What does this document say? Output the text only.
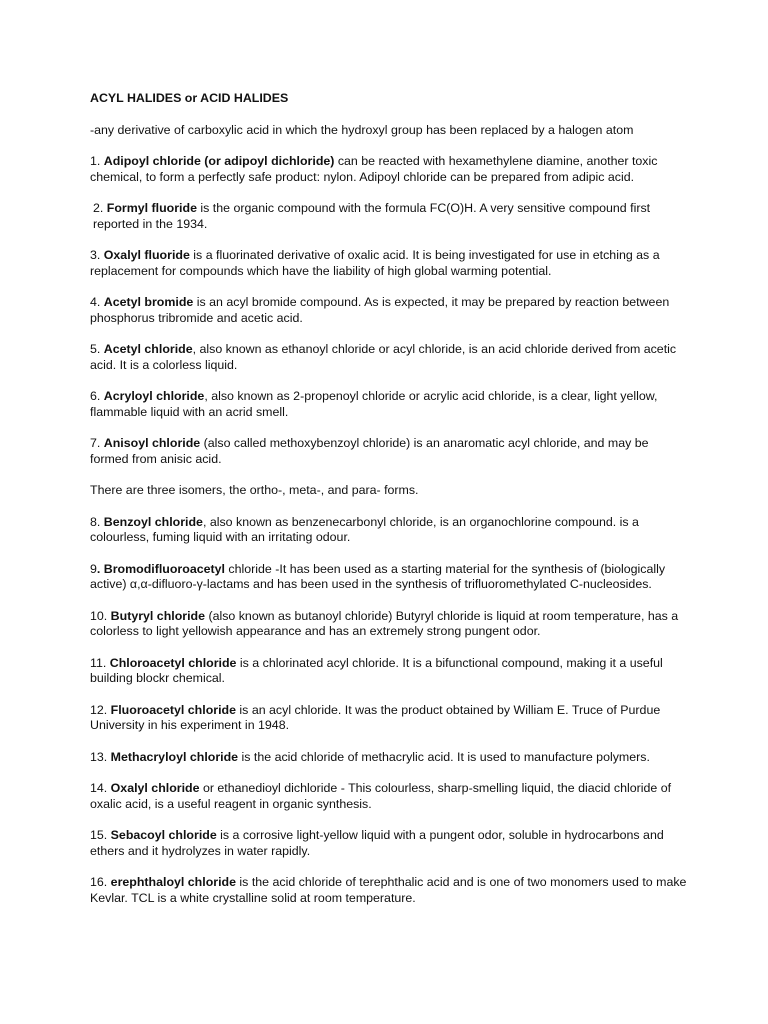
ACYL HALIDES or ACID HALIDES
-any derivative of carboxylic acid in which the hydroxyl group has been replaced by a halogen atom
1. Adipoyl chloride (or adipoyl dichloride) can be reacted with hexamethylene diamine, another toxic chemical, to form a perfectly safe product: nylon. Adipoyl chloride can be prepared from adipic acid.
2. Formyl fluoride is the organic compound with the formula FC(O)H. A very sensitive compound first reported in the 1934.
3. Oxalyl fluoride is a fluorinated derivative of oxalic acid. It is being investigated for use in etching as a replacement for compounds which have the liability of high global warming potential.
4. Acetyl bromide is an acyl bromide compound. As is expected, it may be prepared by reaction between phosphorus tribromide and acetic acid.
5. Acetyl chloride, also known as ethanoyl chloride or acyl chloride, is an acid chloride derived from acetic acid. It is a colorless liquid.
6. Acryloyl chloride, also known as 2-propenoyl chloride or acrylic acid chloride, is a clear, light yellow, flammable liquid with an acrid smell.
7. Anisoyl chloride (also called methoxybenzoyl chloride) is an anaromatic acyl chloride, and may be formed from anisic acid.
There are three isomers, the ortho-, meta-, and para- forms.
8. Benzoyl chloride, also known as benzenecarbonyl chloride, is an organochlorine compound. is a colourless, fuming liquid with an irritating odour.
9. Bromodifluoroacetyl chloride -It has been used as a starting material for the synthesis of (biologically active) α,α-difluoro-γ-lactams and has been used in the synthesis of trifluoromethylated C-nucleosides.
10. Butyryl chloride (also known as butanoyl chloride) Butyryl chloride is liquid at room temperature, has a colorless to light yellowish appearance and has an extremely strong pungent odor.
11. Chloroacetyl chloride is a chlorinated acyl chloride. It is a bifunctional compound, making it a useful building blockr chemical.
12. Fluoroacetyl chloride is an acyl chloride. It was the product obtained by William E. Truce of Purdue University in his experiment in 1948.
13. Methacryloyl chloride is the acid chloride of methacrylic acid. It is used to manufacture polymers.
14. Oxalyl chloride or ethanedioyl dichloride - This colourless, sharp-smelling liquid, the diacid chloride of oxalic acid, is a useful reagent in organic synthesis.
15. Sebacoyl chloride is a corrosive light-yellow liquid with a pungent odor, soluble in hydrocarbons and ethers and it hydrolyzes in water rapidly.
16. erephthaloyl chloride is the acid chloride of terephthalic acid and is one of two monomers used to make Kevlar. TCL is a white crystalline solid at room temperature.
